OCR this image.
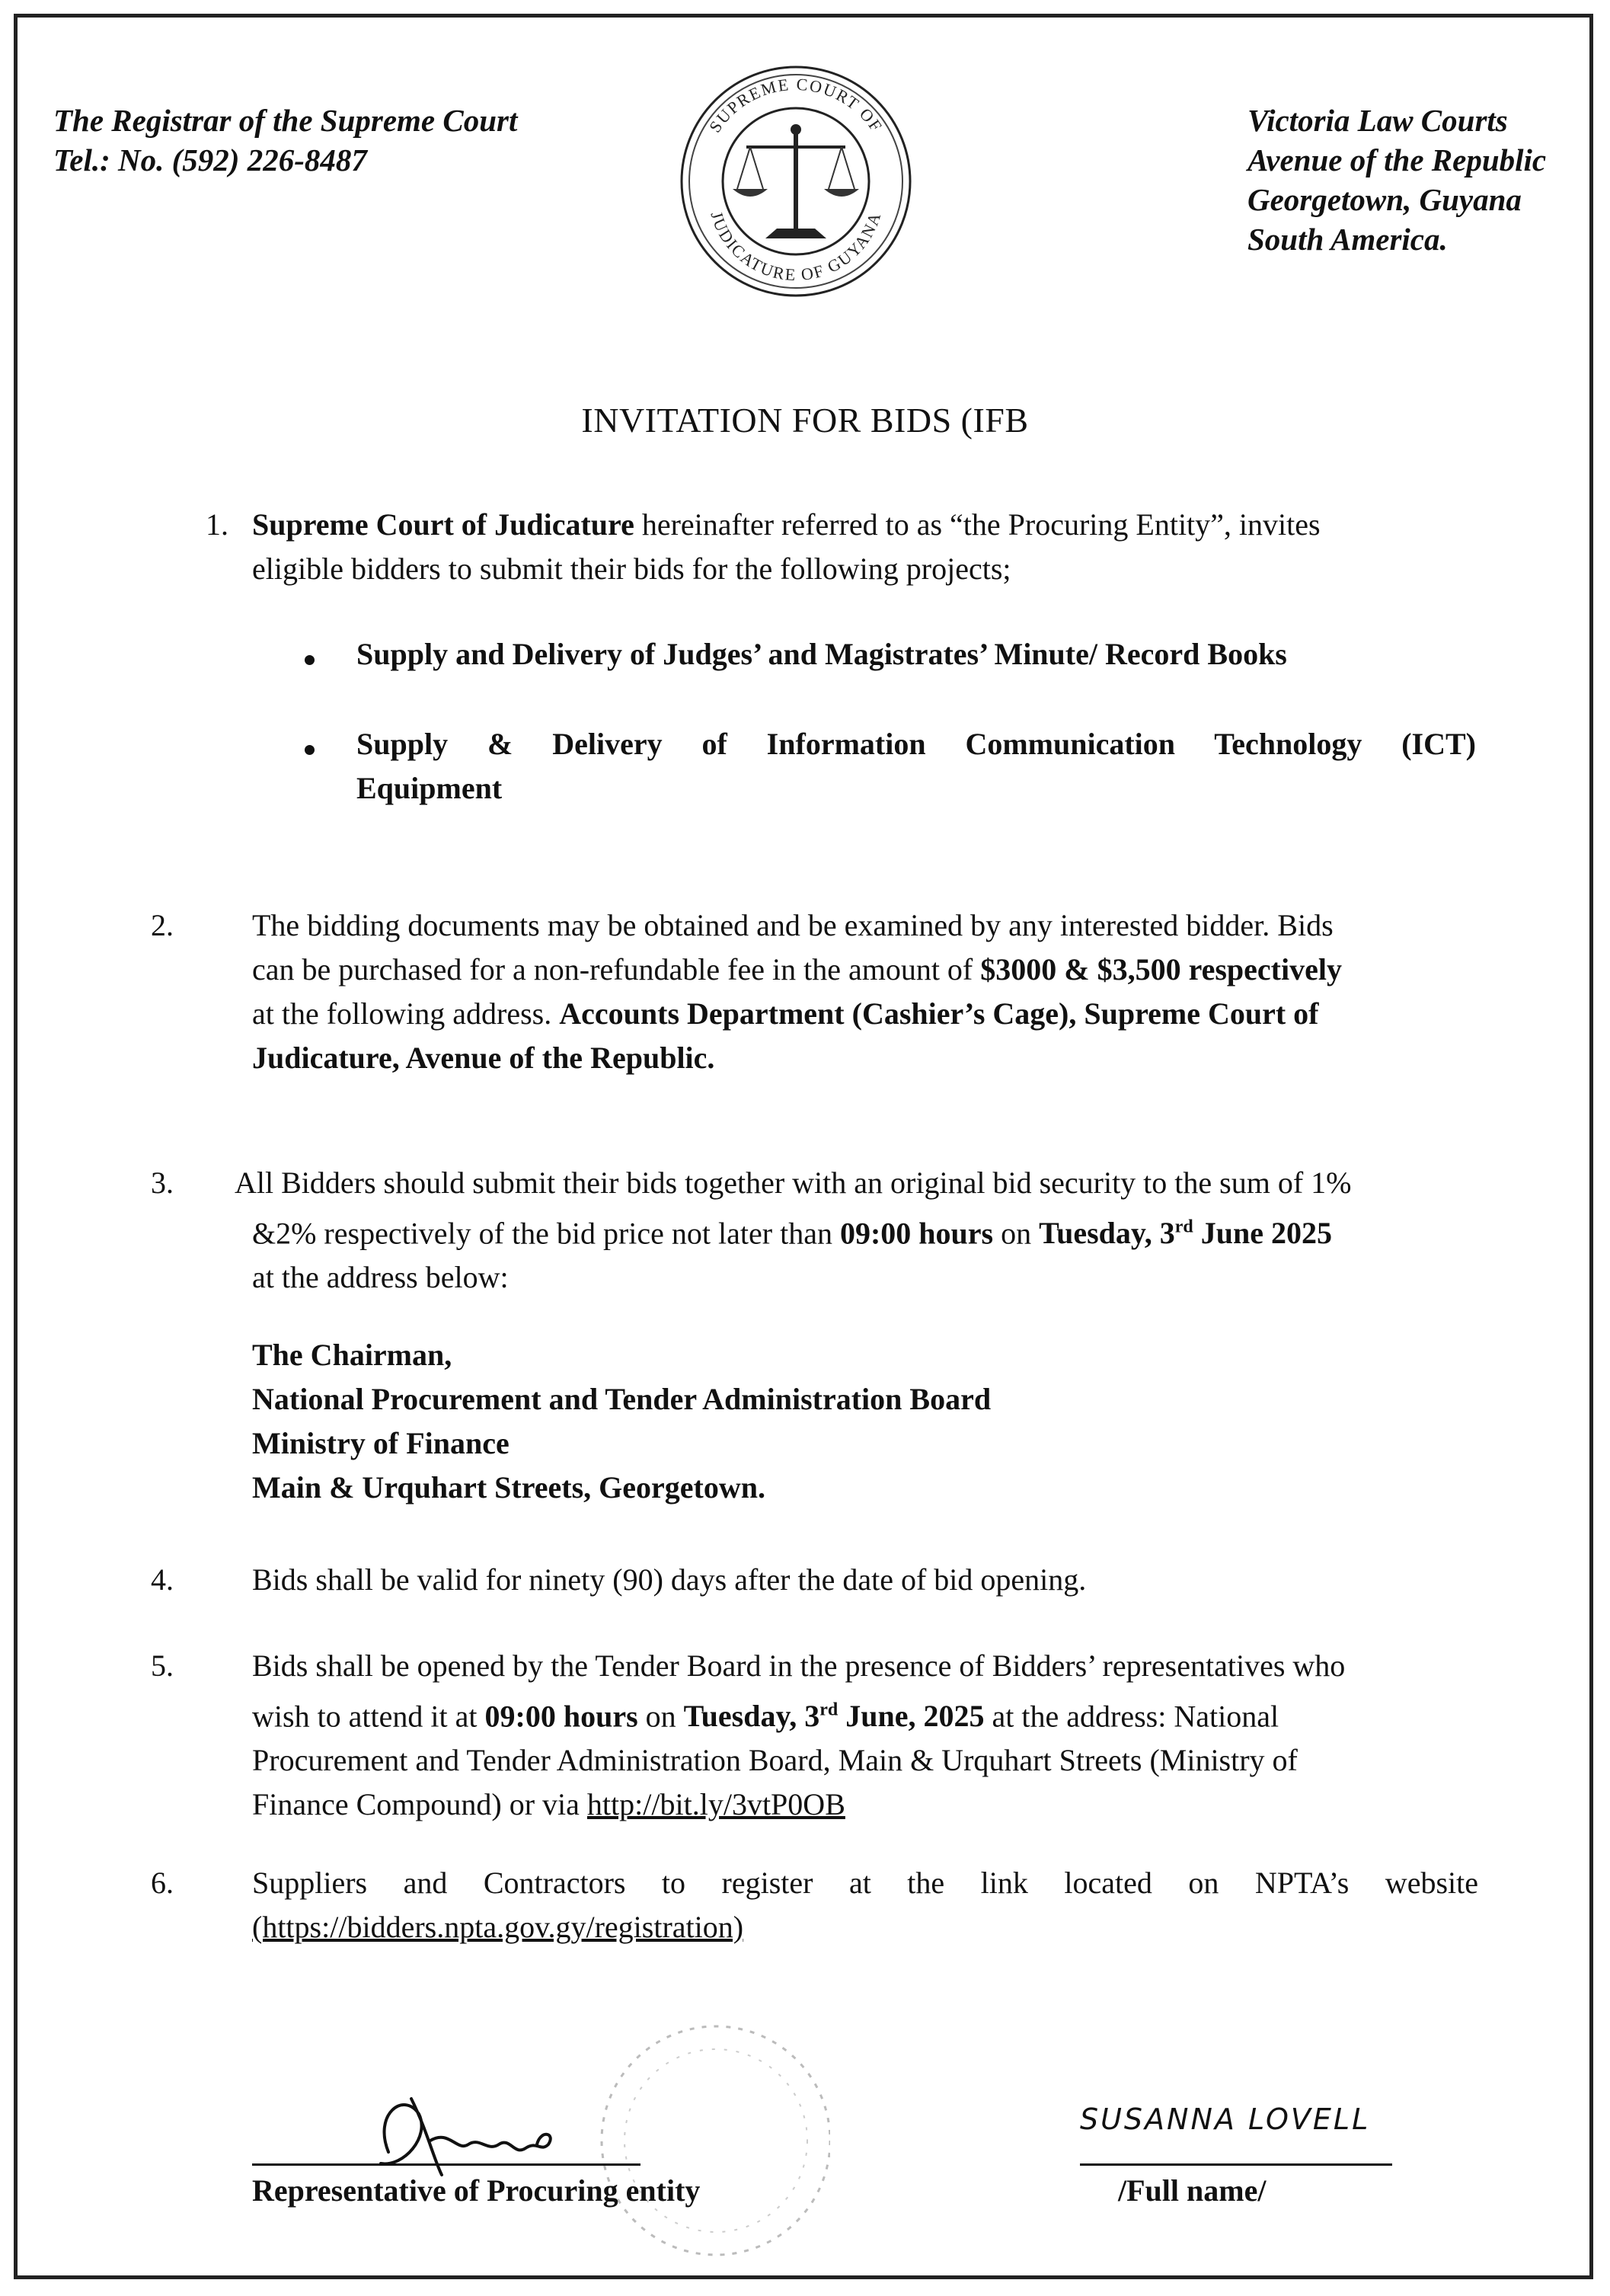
The Registrar of the Supreme Court
Tel.: No. (592) 226-8487
SUPREME COURT OF
JUDICATURE OF GUYANA
Victoria Law Courts
Avenue of the Republic
Georgetown, Guyana
South America.
INVITATION FOR BIDS (IFB
1. Supreme Court of Judicature hereinafter referred to as “the Procuring Entity”, invites
eligible bidders to submit their bids for the following projects;
Supply and Delivery of Judges’ and Magistrates’ Minute/ Record Books
Supply & Delivery of Information Communication Technology (ICT)
Equipment
2.	The bidding documents may be obtained and be examined by any interested bidder. Bids
can be purchased for a non-refundable fee in the amount of $3000 & $3,500 respectively
at the following address. Accounts Department (Cashier’s Cage), Supreme Court of
Judicature, Avenue of the Republic.
3. All Bidders should submit their bids together with an original bid security to the sum of 1%
&2% respectively of the bid price not later than 09:00 hours on Tuesday, 3rd June 2025
at the address below:
The Chairman,
National Procurement and Tender Administration Board
Ministry of Finance
Main & Urquhart Streets, Georgetown.
4.	Bids shall be valid for ninety (90) days after the date of bid opening.
5.	Bids shall be opened by the Tender Board in the presence of Bidders’ representatives who
wish to attend it at 09:00 hours on Tuesday, 3rd June, 2025 at the address: National
Procurement and Tender Administration Board, Main & Urquhart Streets (Ministry of
Finance Compound) or via http://bit.ly/3vtP0OB
6.	Suppliers and Contractors to register at the link located on NPTA’s website
(https://bidders.npta.gov.gy/registration)
Representative of Procuring entity
SUSANNA LOVELL
/Full name/
